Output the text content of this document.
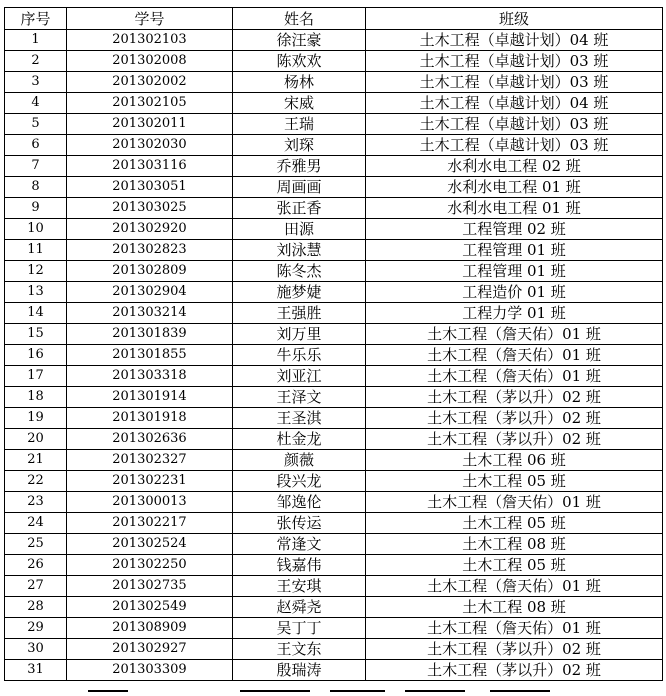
序号	学号	姓名	班级
1	201302103	徐汪豪	土木工程（卓越计划）04 班
2	201302008	陈欢欢	土木工程（卓越计划）03 班
3	201302002	杨林	土木工程（卓越计划）03 班
4	201302105	宋威	土木工程（卓越计划）04 班
5	201302011	王瑞	土木工程（卓越计划）03 班
6	201302030	刘琛	土木工程（卓越计划）03 班
7	201303116	乔雅男	水利水电工程 02 班
8	201303051	周画画	水利水电工程 01 班
9	201303025	张正香	水利水电工程 01 班
10	201302920	田源	工程管理 02 班
11	201302823	刘泳慧	工程管理 01 班
12	201302809	陈冬杰	工程管理 01 班
13	201302904	施梦婕	工程造价 01 班
14	201303214	王强胜	工程力学 01 班
15	201301839	刘万里	土木工程（詹天佑）01 班
16	201301855	牛乐乐	土木工程（詹天佑）01 班
17	201303318	刘亚江	土木工程（詹天佑）01 班
18	201301914	王泽文	土木工程（茅以升）02 班
19	201301918	王圣淇	土木工程（茅以升）02 班
20	201302636	杜金龙	土木工程（茅以升）02 班
21	201302327	颜薇	土木工程 06 班
22	201302231	段兴龙	土木工程 05 班
23	201300013	邹逸伦	土木工程（詹天佑）01 班
24	201302217	张传运	土木工程 05 班
25	201302524	常逢文	土木工程 08 班
26	201302250	钱嘉伟	土木工程 05 班
27	201302735	王安琪	土木工程（詹天佑）01 班
28	201302549	赵舜尧	土木工程 08 班
29	201308909	吴丁丁	土木工程（詹天佑）01 班
30	201302927	王文东	土木工程（茅以升）02 班
31	201303309	殷瑞涛	土木工程（茅以升）02 班
